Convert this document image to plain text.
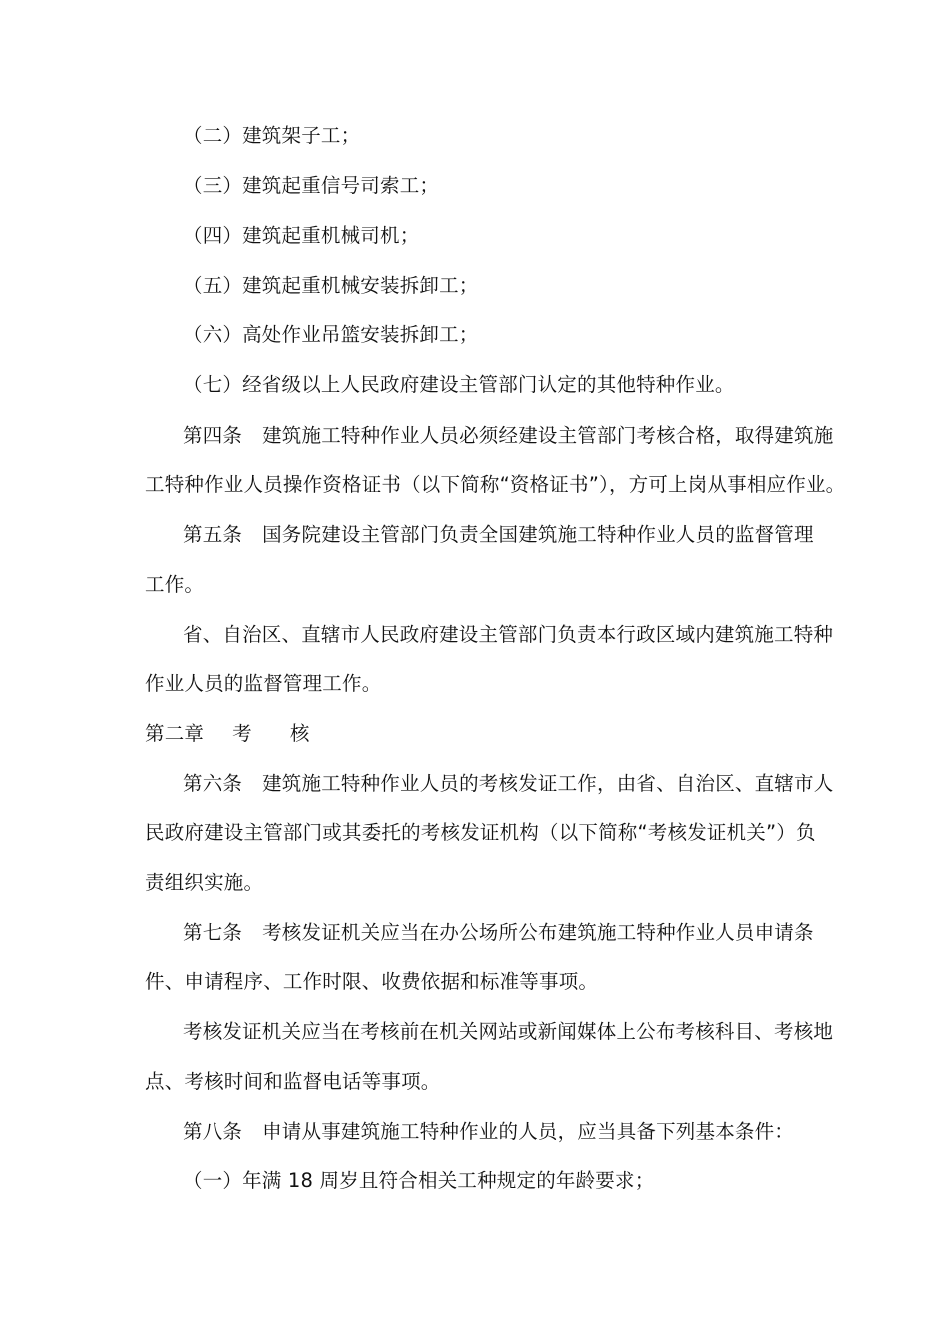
（二）建筑架子工；
（三）建筑起重信号司索工；
（四）建筑起重机械司机；
（五）建筑起重机械安装拆卸工；
（六）高处作业吊篮安装拆卸工；
（七）经省级以上人民政府建设主管部门认定的其他特种作业。
第四条 建筑施工特种作业人员必须经建设主管部门考核合格，取得建筑施
工特种作业人员操作资格证书（以下简称“资格证书”），方可上岗从事相应作业。
第五条 国务院建设主管部门负责全国建筑施工特种作业人员的监督管理
工作。
省、自治区、直辖市人民政府建设主管部门负责本行政区域内建筑施工特种
作业人员的监督管理工作。
第二章 考 核
第六条 建筑施工特种作业人员的考核发证工作，由省、自治区、直辖市人
民政府建设主管部门或其委托的考核发证机构（以下简称“考核发证机关”）负
责组织实施。
第七条 考核发证机关应当在办公场所公布建筑施工特种作业人员申请条
件、申请程序、工作时限、收费依据和标准等事项。
考核发证机关应当在考核前在机关网站或新闻媒体上公布考核科目、考核地
点、考核时间和监督电话等事项。
第八条 申请从事建筑施工特种作业的人员，应当具备下列基本条件：
（一）年满 18 周岁且符合相关工种规定的年龄要求；
